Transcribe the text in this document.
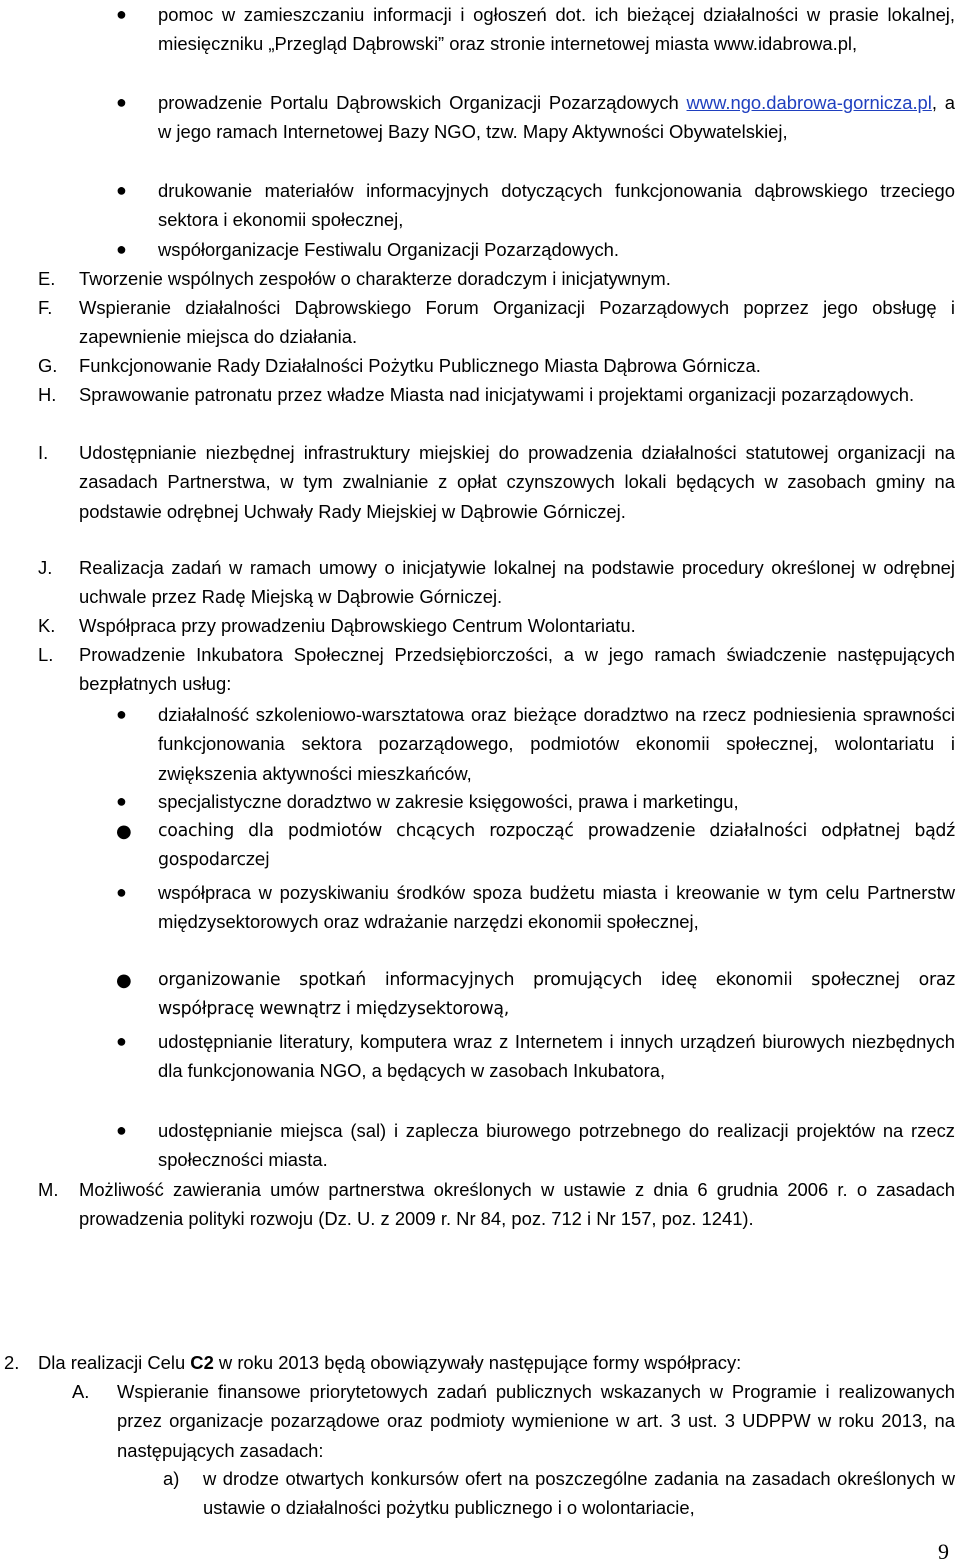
● pomoc w zamieszczaniu informacji i ogłoszeń dot. ich bieżącej działalności w prasie lokalnej, miesięczniku „Przegląd Dąbrowski” oraz stronie internetowej miasta www.idabrowa.pl,
● prowadzenie Portalu Dąbrowskich Organizacji Pozarządowych www.ngo.dabrowa-gornicza.pl, a w jego ramach Internetowej Bazy NGO, tzw. Mapy Aktywności Obywatelskiej,
● drukowanie materiałów informacyjnych dotyczących funkcjonowania dąbrowskiego trzeciego sektora i ekonomii społecznej,
● współorganizacje Festiwalu Organizacji Pozarządowych.
E. Tworzenie wspólnych zespołów o charakterze doradczym i inicjatywnym.
F. Wspieranie działalności Dąbrowskiego Forum Organizacji Pozarządowych poprzez jego obsługę i zapewnienie miejsca do działania.
G. Funkcjonowanie Rady Działalności Pożytku Publicznego Miasta Dąbrowa Górnicza.
H. Sprawowanie patronatu przez władze Miasta nad inicjatywami i projektami organizacji pozarządowych.
I. Udostępnianie niezbędnej infrastruktury miejskiej do prowadzenia działalności statutowej organizacji na zasadach Partnerstwa, w tym zwalnianie z opłat czynszowych lokali będących w zasobach gminy na podstawie odrębnej Uchwały Rady Miejskiej w Dąbrowie Górniczej.
J. Realizacja zadań w ramach umowy o inicjatywie lokalnej na podstawie procedury określonej w odrębnej uchwale przez Radę Miejską w Dąbrowie Górniczej.
K. Współpraca przy prowadzeniu Dąbrowskiego Centrum Wolontariatu.
L. Prowadzenie Inkubatora Społecznej Przedsiębiorczości, a w jego ramach świadczenie następujących bezpłatnych usług:
● działalność szkoleniowo-warsztatowa oraz bieżące doradztwo na rzecz podniesienia sprawności funkcjonowania sektora pozarządowego, podmiotów ekonomii społecznej, wolontariatu i zwiększenia aktywności mieszkańców,
● specjalistyczne doradztwo w zakresie księgowości, prawa i marketingu,
● coaching dla podmiotów chcących rozpocząć prowadzenie działalności odpłatnej bądź gospodarczej
● współpraca w pozyskiwaniu środków spoza budżetu miasta i kreowanie w tym celu Partnerstw międzysektorowych oraz wdrażanie narzędzi ekonomii społecznej,
● organizowanie spotkań informacyjnych promujących ideę ekonomii społecznej oraz współpracę wewnątrz i międzysektorową,
● udostępnianie literatury, komputera wraz z Internetem i innych urządzeń biurowych niezbędnych dla funkcjonowania NGO, a będących w zasobach Inkubatora,
● udostępnianie miejsca (sal) i zaplecza biurowego potrzebnego do realizacji projektów na rzecz społeczności miasta.
M. Możliwość zawierania umów partnerstwa określonych w ustawie z dnia 6 grudnia 2006 r. o zasadach prowadzenia polityki rozwoju (Dz. U. z 2009 r. Nr 84, poz. 712 i Nr 157, poz. 1241).
2. Dla realizacji Celu C2 w roku 2013 będą obowiązywały następujące formy współpracy:
A. Wspieranie finansowe priorytetowych zadań publicznych wskazanych w Programie i realizowanych przez organizacje pozarządowe oraz podmioty wymienione w art. 3 ust. 3 UDPPW w roku 2013, na następujących zasadach:
a) w drodze otwartych konkursów ofert na poszczególne zadania na zasadach określonych w ustawie o działalności pożytku publicznego i o wolontariacie,
9
